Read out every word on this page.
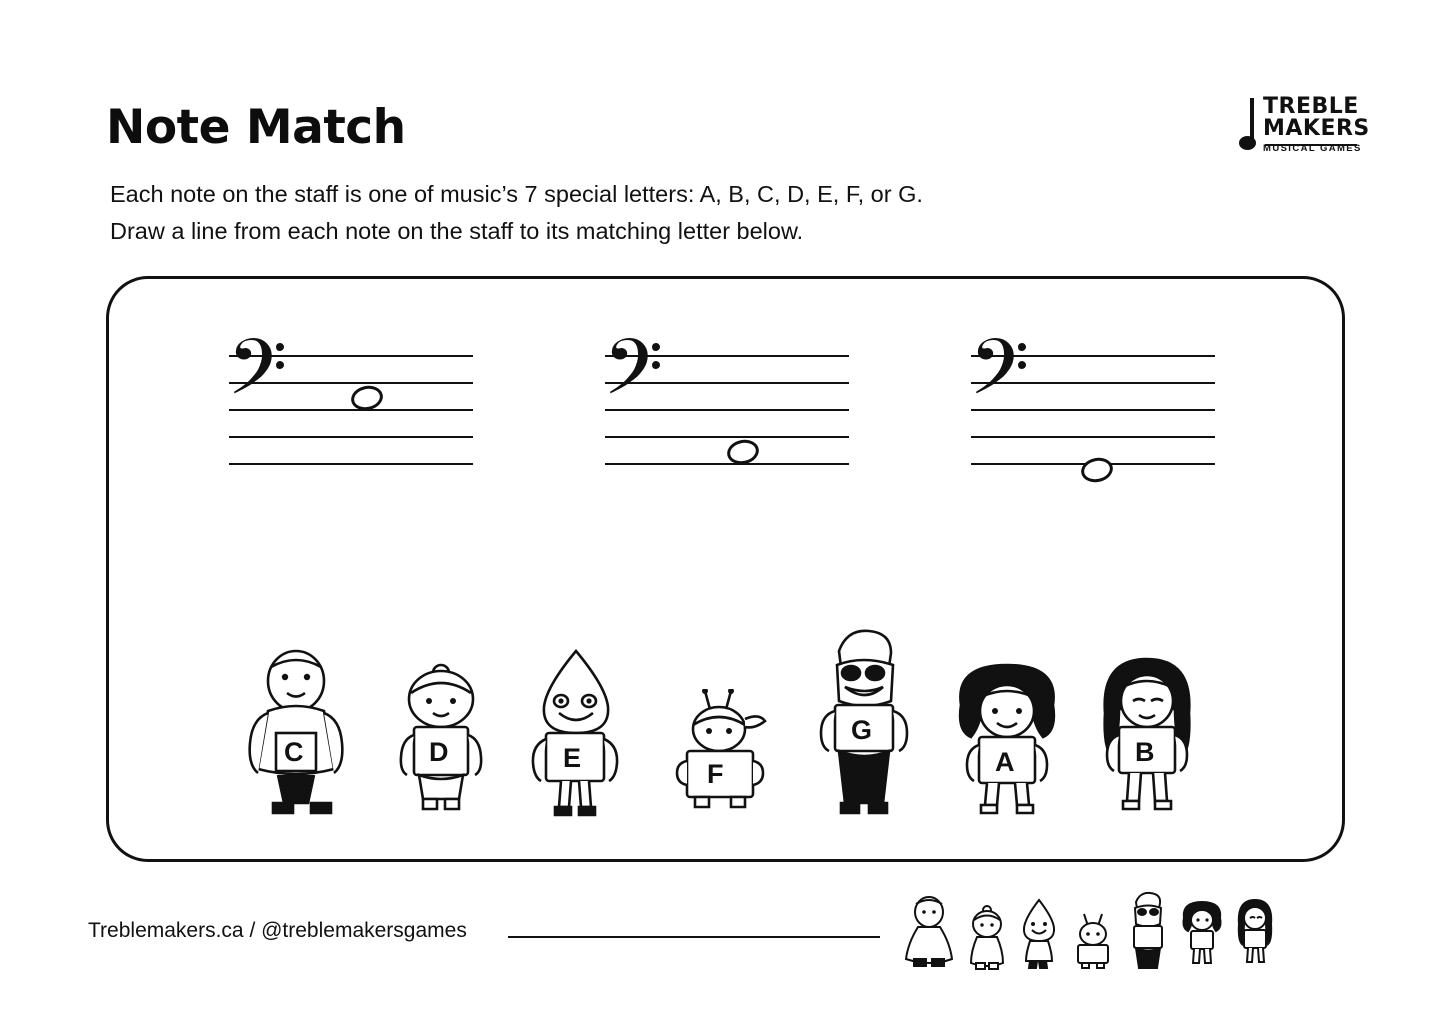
Note Match
Each note on the staff is one of music’s 7 special letters: A, B, C, D, E, F, or G.
Draw a line from each note on the staff to its matching letter below.
TREBLE
MAKERS
MUSICAL GAMES
𝄢	𝄢	𝄢
C	D	E
F
G
A	B
Treblemakers.ca / @treblemakersgames
